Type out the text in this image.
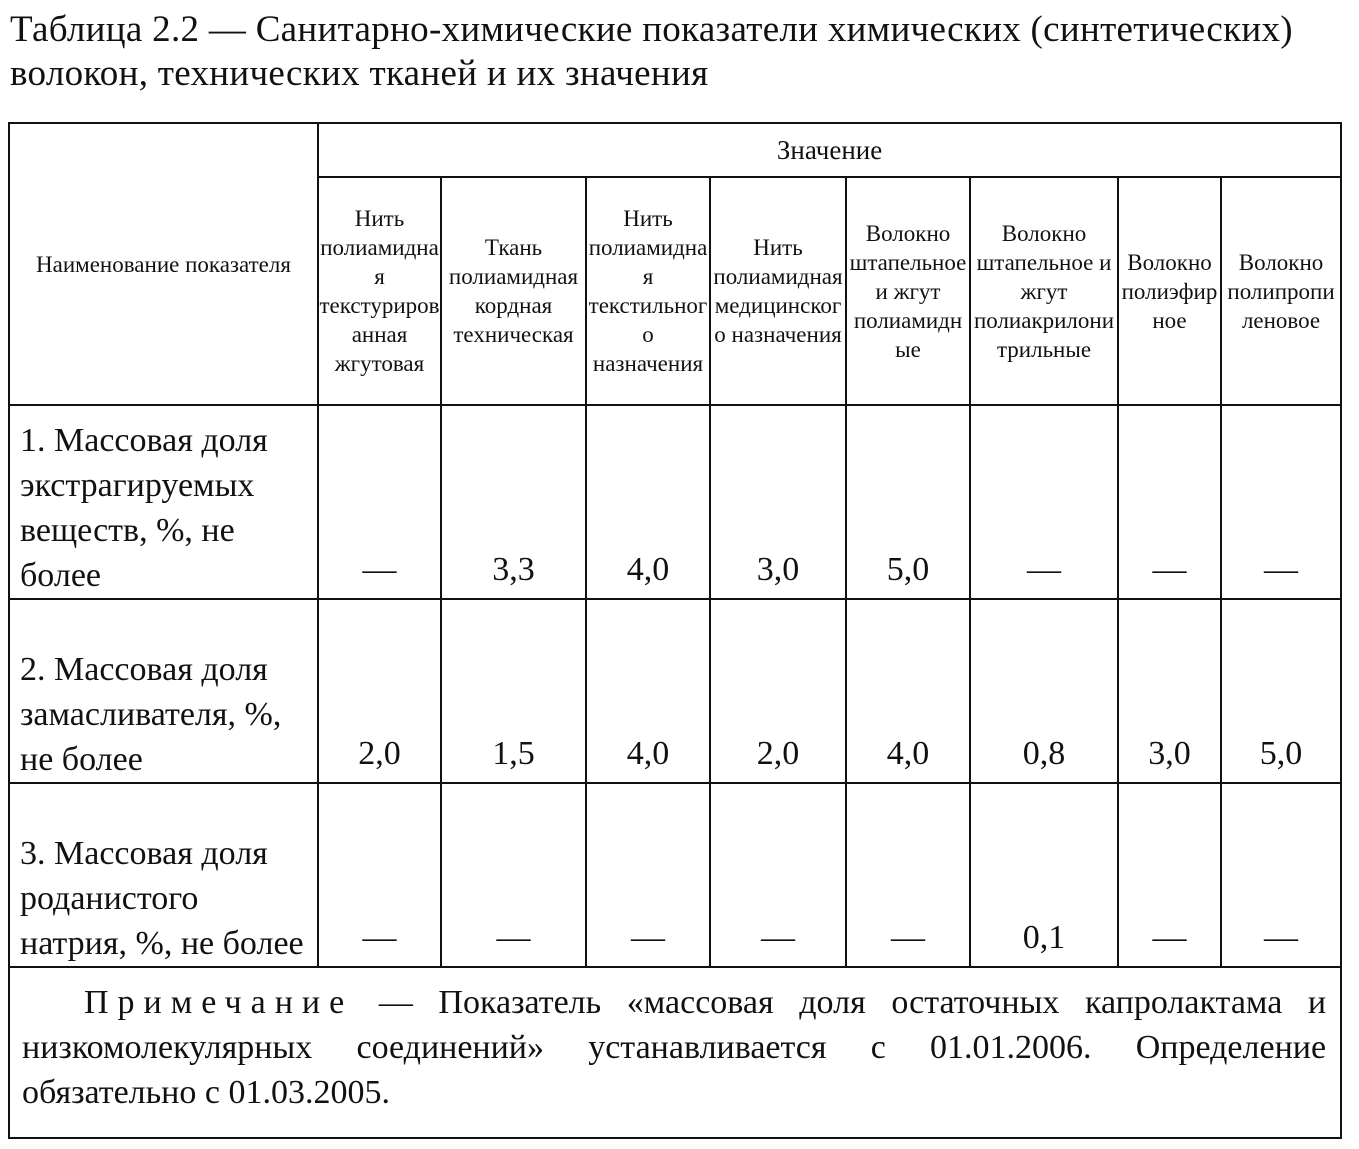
Таблица 2.2 — Санитарно-химические показатели химических (синтетических) волокон, технических тканей и их значения
Наименование показателя	Значение							
	Нить полиамидная текстурированная жгутовая	Ткань полиамидная кордная техническая	Нить полиамидная текстильного назначения	Нить полиамидная медицинского назначения	Волокно штапельное и жгут полиамидные	Волокно штапельное и жгут полиакрилонитрильные	Волокно полиэфирное	Волокно полипропиленовое
1. Массовая доля экстрагируемых веществ, %, не более	—	3,3	4,0	3,0	5,0	—	—	—
2. Массовая доля замасливателя, %, не более	2,0	1,5	4,0	2,0	4,0	0,8	3,0	5,0
3. Массовая доля роданистого натрия, %, не более	—	—	—	—	—	0,1	—	—

Примечание — Показатель «массовая доля остаточных капролактама и низкомолекулярных соединений» устанавливается с 01.01.2006. Определение обязательно с 01.03.2005.								
